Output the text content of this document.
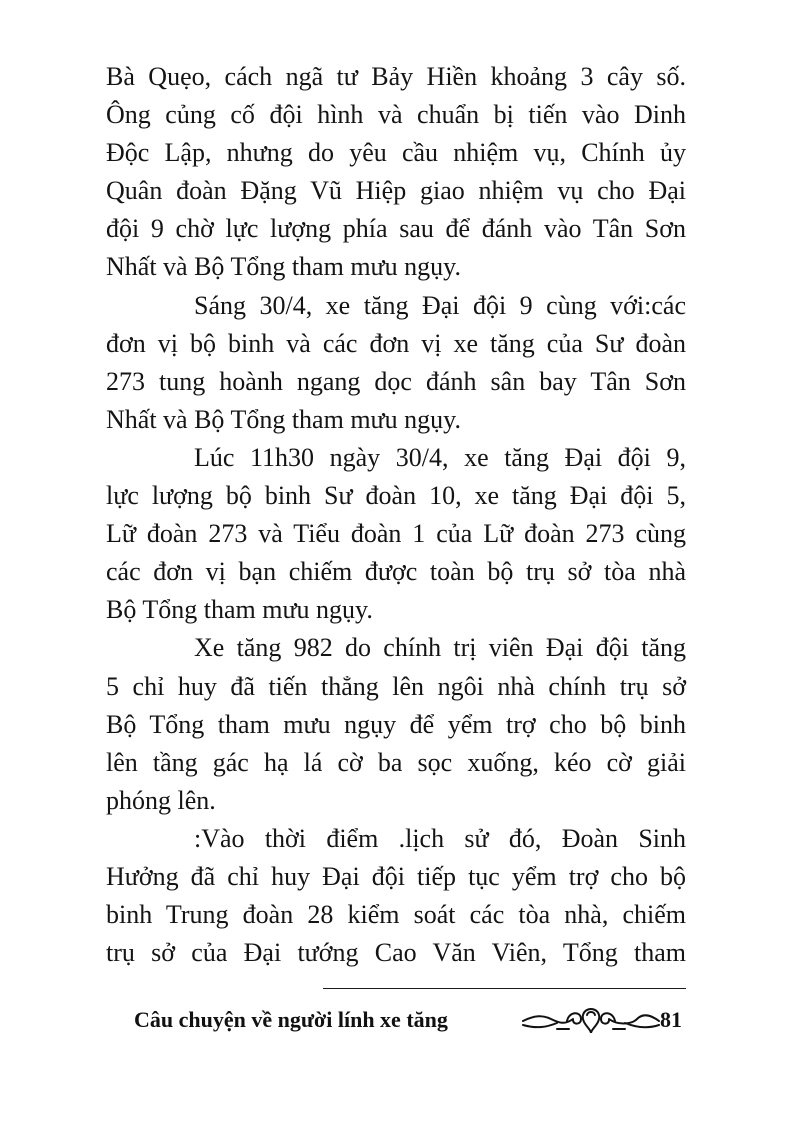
Bà Quẹo, cách ngã tư Bảy Hiền khoảng 3 cây số.
Ông củng cố đội hình và chuẩn bị tiến vào Dinh
Độc Lập, nhưng do yêu cầu nhiệm vụ, Chính ủy
Quân đoàn Đặng Vũ Hiệp giao nhiệm vụ cho Đại
đội 9 chờ lực lượng phía sau để đánh vào Tân Sơn
Nhất và Bộ Tổng tham mưu ngụy.
Sáng 30/4, xe tăng Đại đội 9 cùng với:các
đơn vị bộ binh và các đơn vị xe tăng của Sư đoàn
273 tung hoành ngang dọc đánh sân bay Tân Sơn
Nhất và Bộ Tổng tham mưu ngụy.
Lúc 11h30 ngày 30/4, xe tăng Đại đội 9,
lực lượng bộ binh Sư đoàn 10, xe tăng Đại đội 5,
Lữ đoàn 273 và Tiểu đoàn 1 của Lữ đoàn 273 cùng
các đơn vị bạn chiếm được toàn bộ trụ sở tòa nhà
Bộ Tổng tham mưu ngụy.
Xe tăng 982 do chính trị viên Đại đội tăng
5 chỉ huy đã tiến thẳng lên ngôi nhà chính trụ sở
Bộ Tổng tham mưu ngụy để yểm trợ cho bộ binh
lên tầng gác hạ lá cờ ba sọc xuống, kéo cờ giải
phóng lên.
:Vào thời điểm .lịch sử đó, Đoàn Sinh
Hưởng đã chỉ huy Đại đội tiếp tục yểm trợ cho bộ
binh Trung đoàn 28 kiểm soát các tòa nhà, chiếm
trụ sở của Đại tướng Cao Văn Viên, Tổng tham
Câu chuyện về người lính xe tăng	81
